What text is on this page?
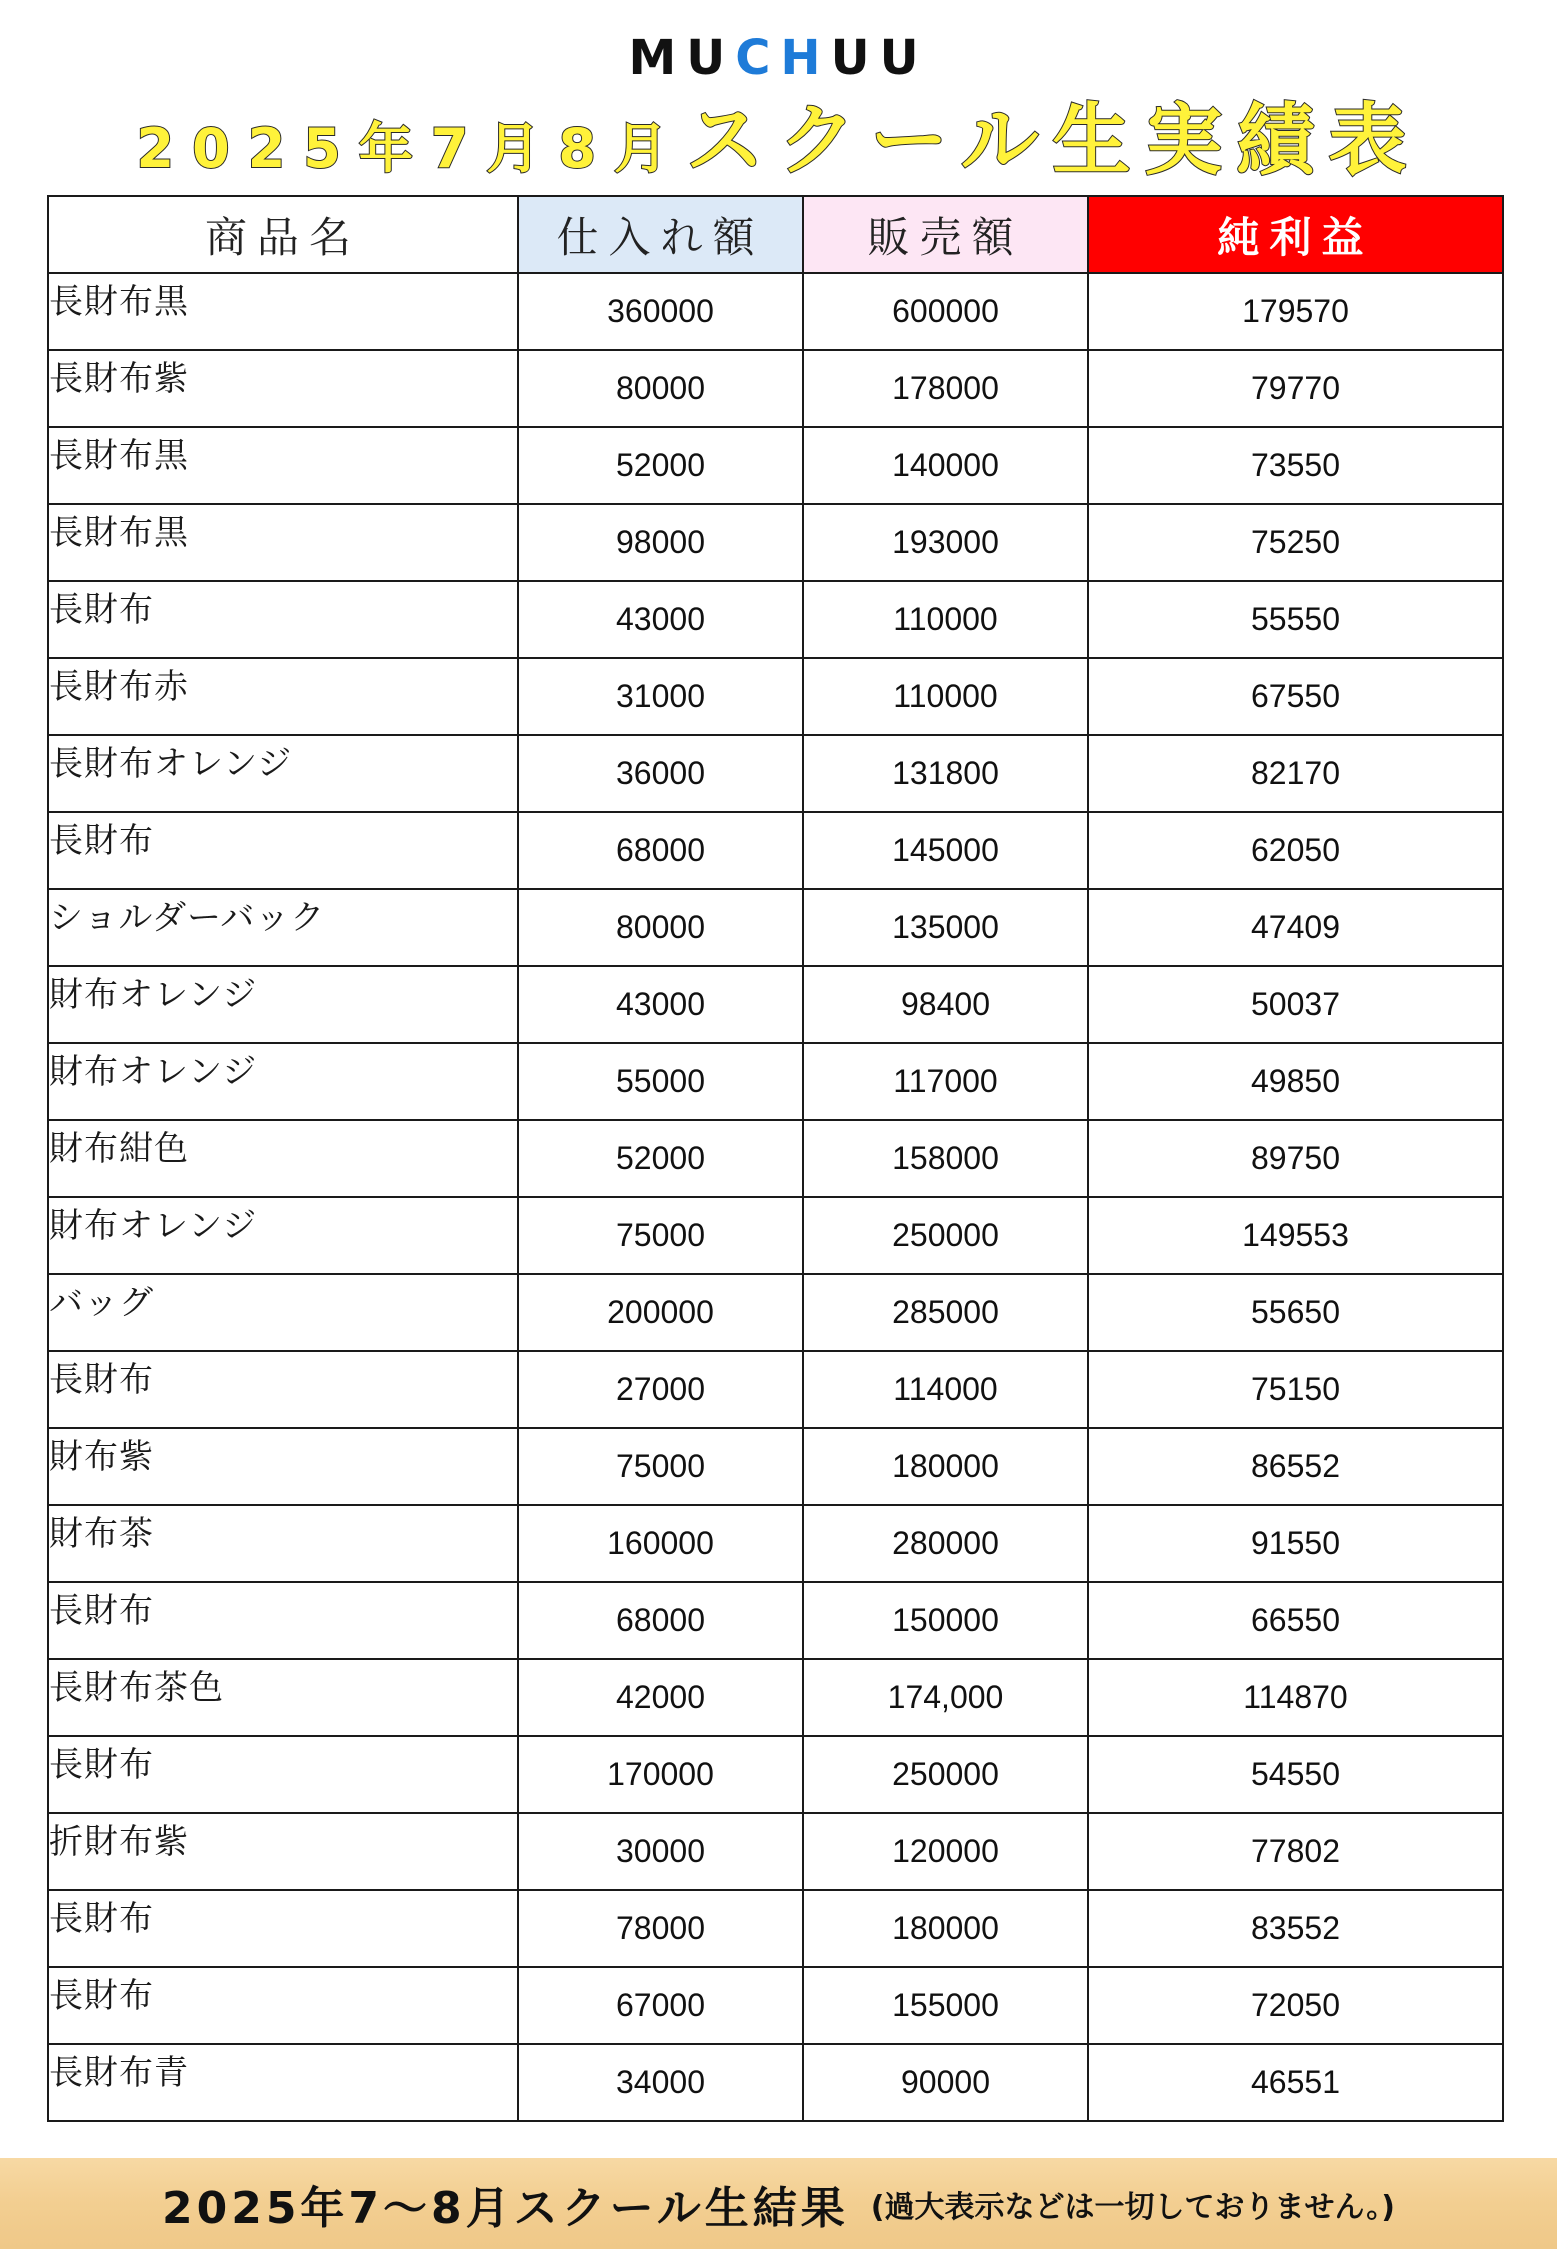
MUCHUU
2025年7月8月スクール生実績表
商品名	仕入れ額	販売額	純利益
長財布黒	360000	600000	179570
長財布紫	80000	178000	79770
長財布黒	52000	140000	73550
長財布黒	98000	193000	75250
長財布	43000	110000	55550
長財布赤	31000	110000	67550
長財布オレンジ	36000	131800	82170
長財布	68000	145000	62050
ショルダーバック	80000	135000	47409
財布オレンジ	43000	98400	50037
財布オレンジ	55000	117000	49850
財布紺色	52000	158000	89750
財布オレンジ	75000	250000	149553
バッグ	200000	285000	55650
長財布	27000	114000	75150
財布紫	75000	180000	86552
財布茶	160000	280000	91550
長財布	68000	150000	66550
長財布茶色	42000	174,000	114870
長財布	170000	250000	54550
折財布紫	30000	120000	77802
長財布	78000	180000	83552
長財布	67000	155000	72050
長財布青	34000	90000	46551
2025年7〜8月スクール生結果 (過大表示などは一切しておりません。)
